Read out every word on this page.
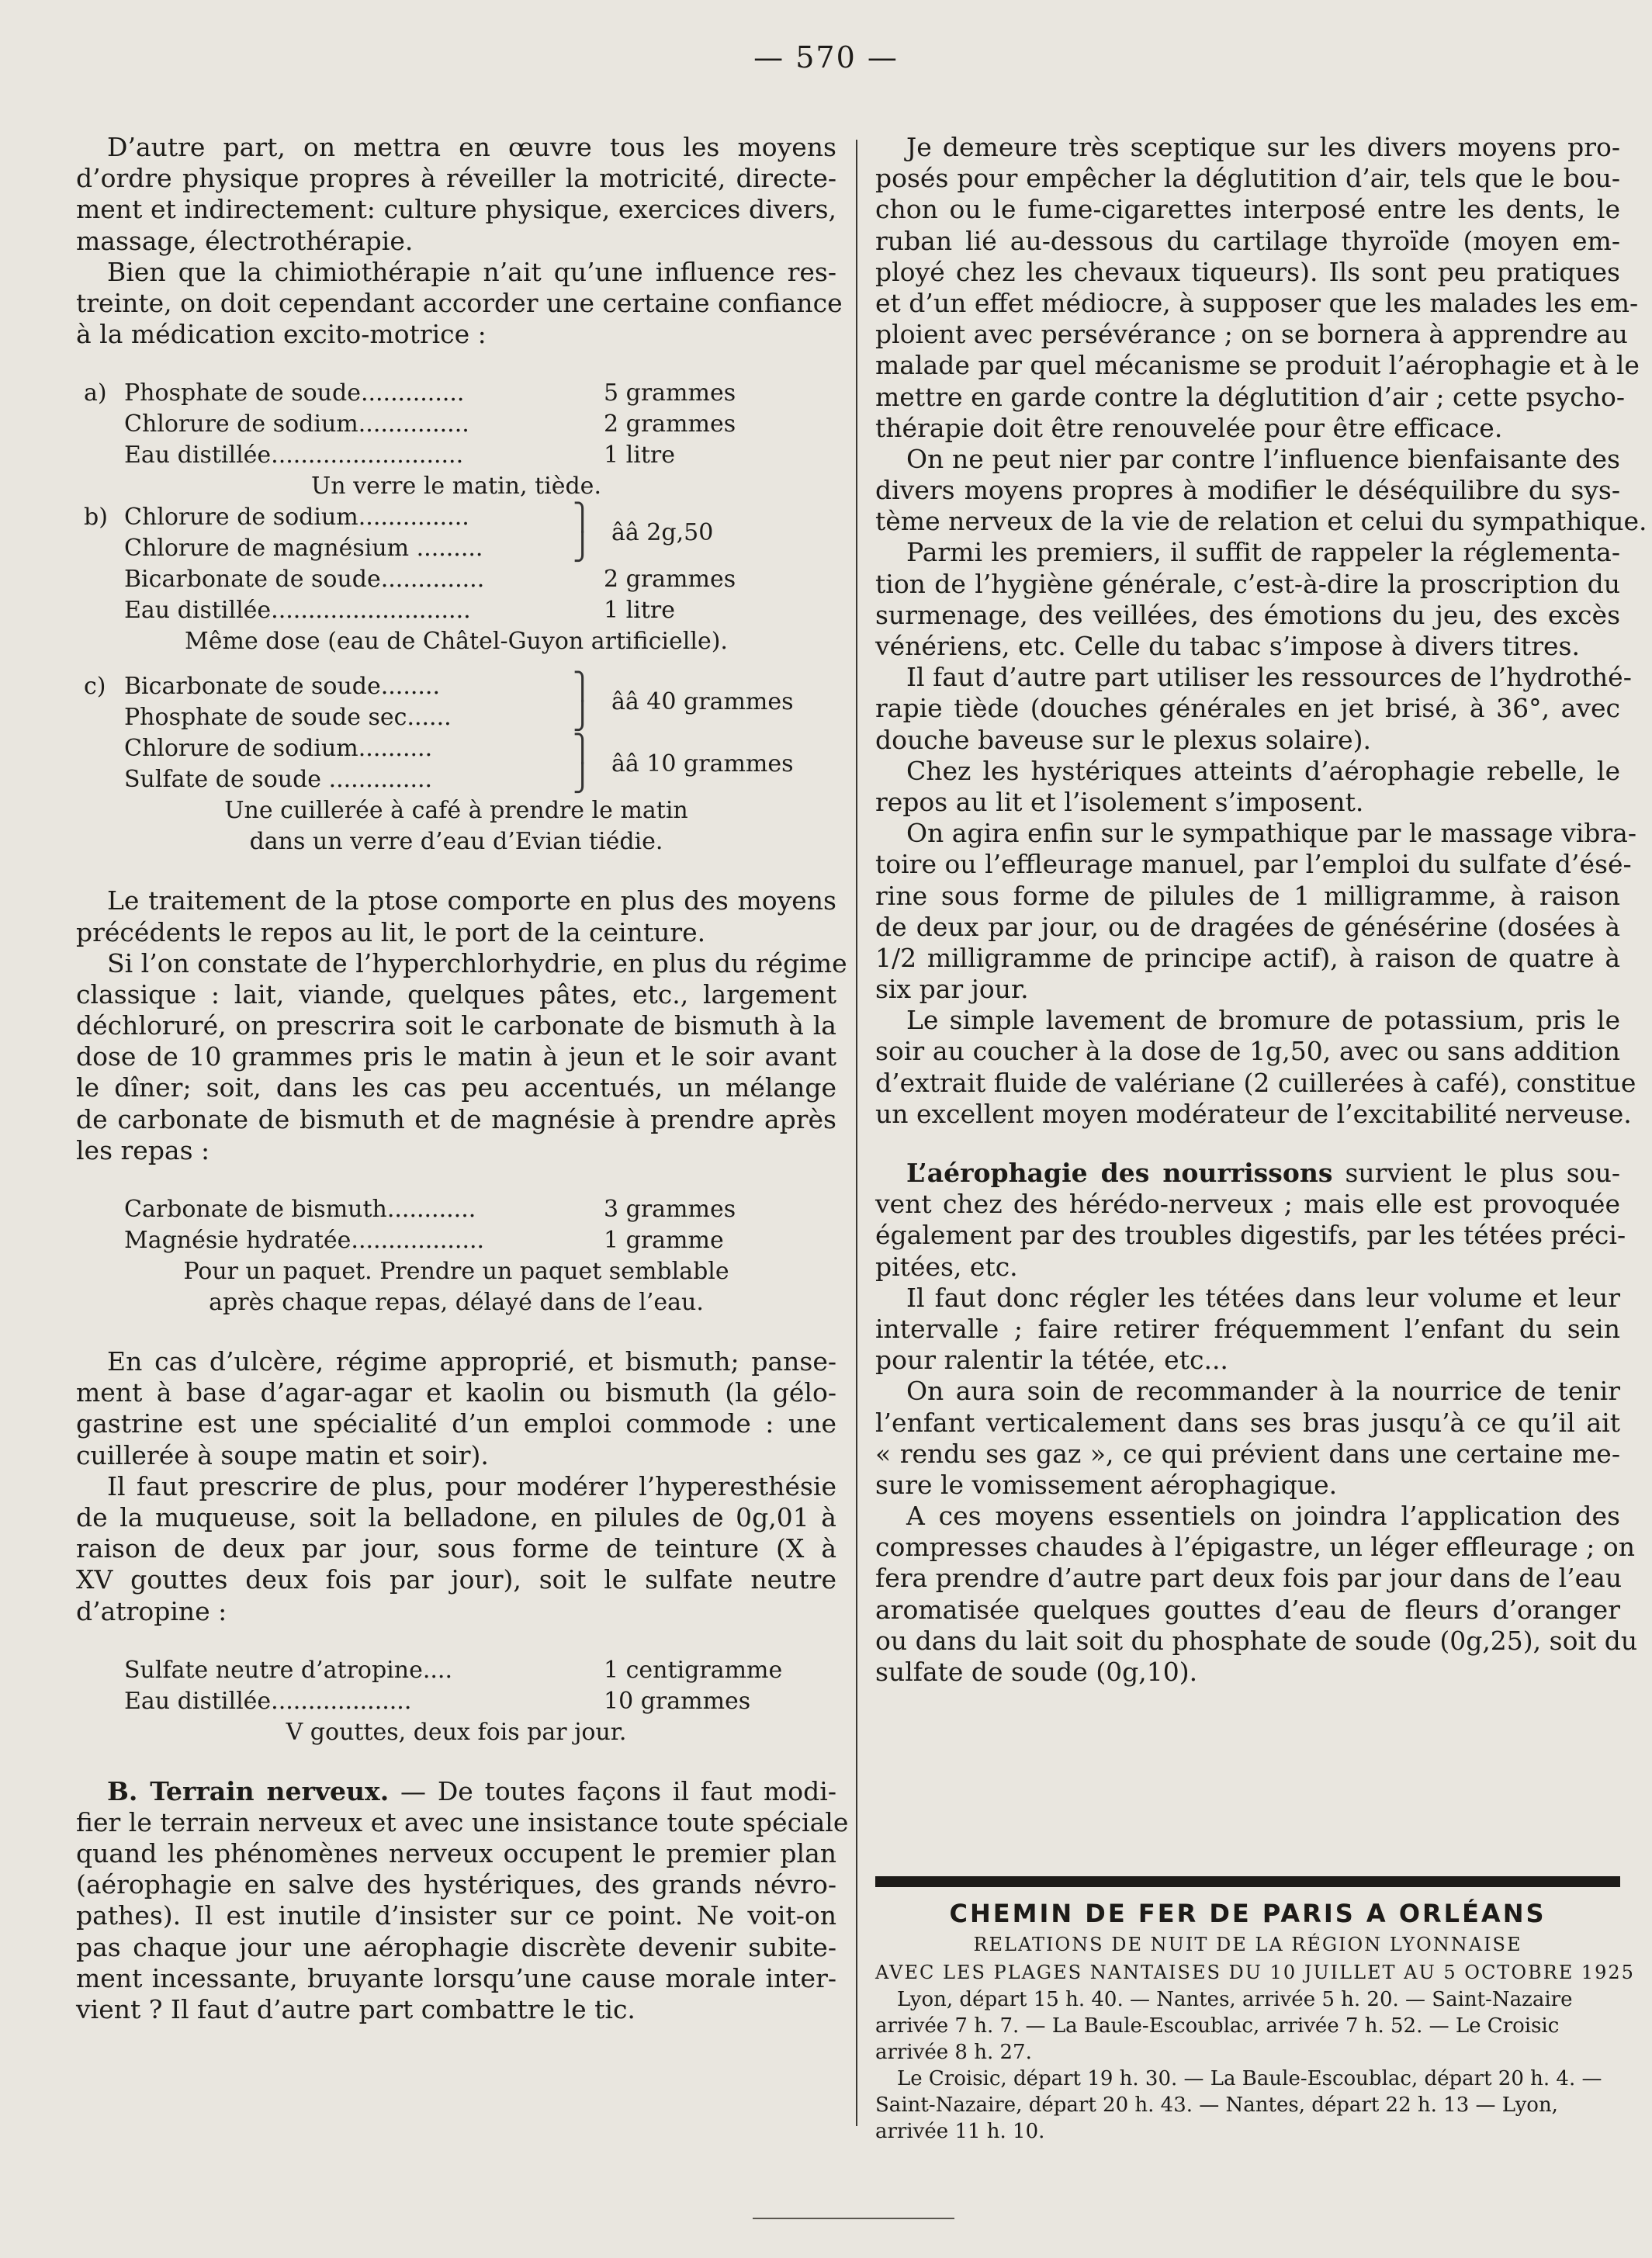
— 570 —

D’autre part, on mettra en œuvre tous les moyens

d’ordre physique propres à réveiller la motricité, directe-

ment et indirectement: culture physique, exercices divers,

massage, électrothérapie.

Bien que la chimiothérapie n’ait qu’une influence res-

treinte, on doit cependant accorder une certaine confiance

à la médication excito-motrice :

a) Phosphate de soude..............	5 grammes
Chlorure de sodium...............	2 grammes
Eau distillée..........................	1 litre
Un verre le matin, tiède.
b) Chlorure de sodium...............
Chlorure de magnésium .........
⎫
⎭ ââ 2g,50
Bicarbonate de soude..............	2 grammes
Eau distillée...........................	1 litre
Même dose (eau de Châtel-Guyon artificielle).
c) Bicarbonate de soude........
Phosphate de soude sec......
⎫
⎭ ââ 40 grammes
Chlorure de sodium..........
Sulfate de soude ..............
⎫
⎭ ââ 10 grammes
Une cuillerée à café à prendre le matin
dans un verre d’eau d’Evian tiédie.

Le traitement de la ptose comporte en plus des moyens

précédents le repos au lit, le port de la ceinture.

Si l’on constate de l’hyperchlorhydrie, en plus du régime

classique : lait, viande, quelques pâtes, etc., largement

déchloruré, on prescrira soit le carbonate de bismuth à la

dose de 10 grammes pris le matin à jeun et le soir avant

le dîner; soit, dans les cas peu accentués, un mélange

de carbonate de bismuth et de magnésie à prendre après

les repas :

Carbonate de bismuth............	3 grammes
Magnésie hydratée..................	1 gramme
Pour un paquet. Prendre un paquet semblable
après chaque repas, délayé dans de l’eau.

En cas d’ulcère, régime approprié, et bismuth; panse-

ment à base d’agar-agar et kaolin ou bismuth (la gélo-

gastrine est une spécialité d’un emploi commode : une

cuillerée à soupe matin et soir).

Il faut prescrire de plus, pour modérer l’hyperesthésie

de la muqueuse, soit la belladone, en pilules de 0g,01 à

raison de deux par jour, sous forme de teinture (X à

XV gouttes deux fois par jour), soit le sulfate neutre

d’atropine :

Sulfate neutre d’atropine....	1 centigramme
Eau distillée...................	10 grammes
V gouttes, deux fois par jour.

B. Terrain nerveux. — De toutes façons il faut modi-

fier le terrain nerveux et avec une insistance toute spéciale

quand les phénomènes nerveux occupent le premier plan

(aérophagie en salve des hystériques, des grands névro-

pathes). Il est inutile d’insister sur ce point. Ne voit-on

pas chaque jour une aérophagie discrète devenir subite-

ment incessante, bruyante lorsqu’une cause morale inter-

vient ? Il faut d’autre part combattre le tic.

Je demeure très sceptique sur les divers moyens pro-

posés pour empêcher la déglutition d’air, tels que le bou-

chon ou le fume-cigarettes interposé entre les dents, le

ruban lié au-dessous du cartilage thyroïde (moyen em-

ployé chez les chevaux tiqueurs). Ils sont peu pratiques

et d’un effet médiocre, à supposer que les malades les em-

ploient avec persévérance ; on se bornera à apprendre au

malade par quel mécanisme se produit l’aérophagie et à le

mettre en garde contre la déglutition d’air ; cette psycho-

thérapie doit être renouvelée pour être efficace.

On ne peut nier par contre l’influence bienfaisante des

divers moyens propres à modifier le déséquilibre du sys-

tème nerveux de la vie de relation et celui du sympathique.

Parmi les premiers, il suffit de rappeler la réglementa-

tion de l’hygiène générale, c’est-à-dire la proscription du

surmenage, des veillées, des émotions du jeu, des excès

vénériens, etc. Celle du tabac s’impose à divers titres.

Il faut d’autre part utiliser les ressources de l’hydrothé-

rapie tiède (douches générales en jet brisé, à 36°, avec

douche baveuse sur le plexus solaire).

Chez les hystériques atteints d’aérophagie rebelle, le

repos au lit et l’isolement s’imposent.

On agira enfin sur le sympathique par le massage vibra-

toire ou l’effleurage manuel, par l’emploi du sulfate d’ésé-

rine sous forme de pilules de 1 milligramme, à raison

de deux par jour, ou de dragées de génésérine (dosées à

1/2 milligramme de principe actif), à raison de quatre à

six par jour.

Le simple lavement de bromure de potassium, pris le

soir au coucher à la dose de 1g,50, avec ou sans addition

d’extrait fluide de valériane (2 cuillerées à café), constitue

un excellent moyen modérateur de l’excitabilité nerveuse.

L’aérophagie des nourrissons survient le plus sou-

vent chez des hérédo-nerveux ; mais elle est provoquée

également par des troubles digestifs, par les tétées préci-

pitées, etc.

Il faut donc régler les tétées dans leur volume et leur

intervalle ; faire retirer fréquemment l’enfant du sein

pour ralentir la tétée, etc...

On aura soin de recommander à la nourrice de tenir

l’enfant verticalement dans ses bras jusqu’à ce qu’il ait

« rendu ses gaz », ce qui prévient dans une certaine me-

sure le vomissement aérophagique.

A ces moyens essentiels on joindra l’application des

compresses chaudes à l’épigastre, un léger effleurage ; on

fera prendre d’autre part deux fois par jour dans de l’eau

aromatisée quelques gouttes d’eau de fleurs d’oranger

ou dans du lait soit du phosphate de soude (0g,25), soit du

sulfate de soude (0g,10).

CHEMIN DE FER DE PARIS A ORLÉANS
RELATIONS DE NUIT DE LA RÉGION LYONNAISE
AVEC LES PLAGES NANTAISES DU 10 JUILLET AU 5 OCTOBRE 1925
Lyon, départ 15 h. 40. — Nantes, arrivée 5 h. 20. — Saint-Nazaire
arrivée 7 h. 7. — La Baule-Escoublac, arrivée 7 h. 52. — Le Croisic
arrivée 8 h. 27.
Le Croisic, départ 19 h. 30. — La Baule-Escoublac, départ 20 h. 4. —
Saint-Nazaire, départ 20 h. 43. — Nantes, départ 22 h. 13 — Lyon,
arrivée 11 h. 10.
